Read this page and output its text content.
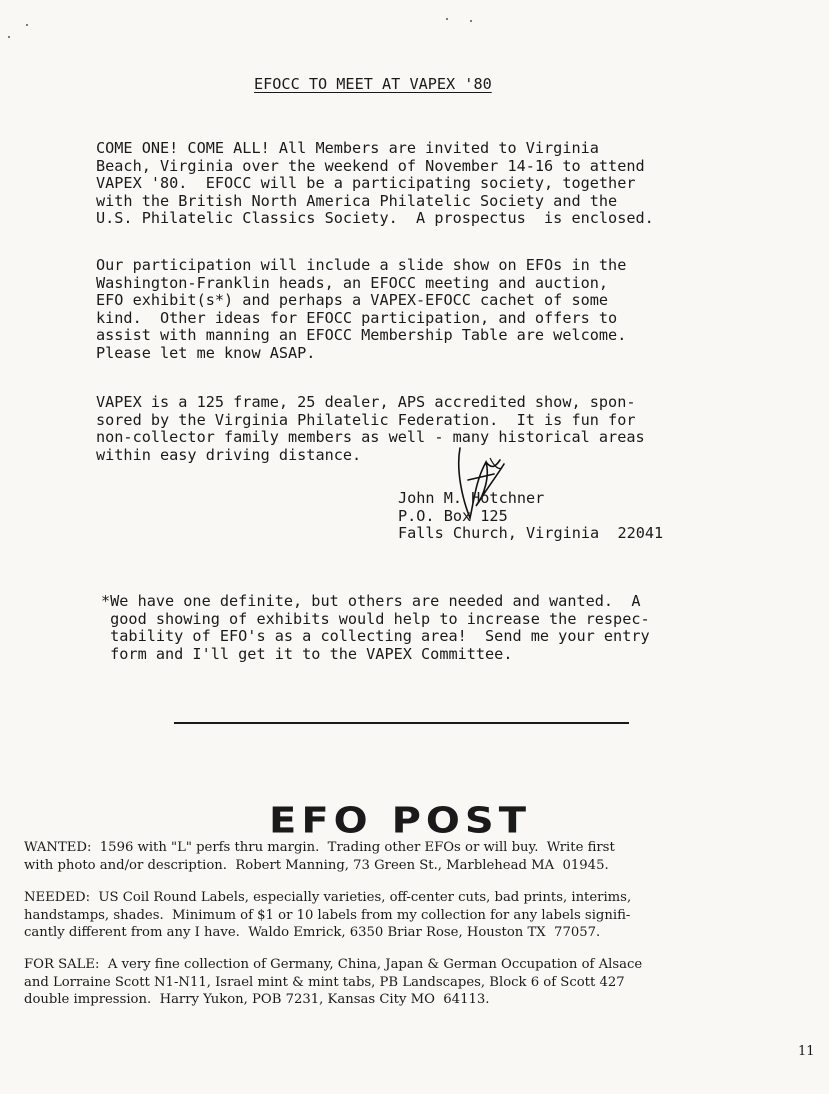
EFOCC TO MEET AT VAPEX '80

COME ONE! COME ALL! All Members are invited to Virginia
Beach, Virginia over the weekend of November 14-16 to attend
VAPEX '80.  EFOCC will be a participating society, together
with the British North America Philatelic Society and the
U.S. Philatelic Classics Society.  A prospectus  is enclosed.

Our participation will include a slide show on EFOs in the
Washington-Franklin heads, an EFOCC meeting and auction,
EFO exhibit(s*) and perhaps a VAPEX-EFOCC cachet of some
kind.  Other ideas for EFOCC participation, and offers to
assist with manning an EFOCC Membership Table are welcome.
Please let me know ASAP.

VAPEX is a 125 frame, 25 dealer, APS accredited show, spon-
sored by the Virginia Philatelic Federation.  It is fun for
non-collector family members as well - many historical areas
within easy driving distance.

John M. Hotchner
P.O. Box 125
Falls Church, Virginia  22041

*We have one definite, but others are needed and wanted.  A
good showing of exhibits would help to increase the respec-
tability of EFO's as a collecting area!  Send me your entry
form and I'll get it to the VAPEX Committee.

EFO POST

WANTED:  1596 with "L" perfs thru margin.  Trading other EFOs or will buy.  Write first
with photo and/or description.  Robert Manning, 73 Green St., Marblehead MA  01945.

NEEDED:  US Coil Round Labels, especially varieties, off-center cuts, bad prints, interims,
handstamps, shades.  Minimum of $1 or 10 labels from my collection for any labels signifi-
cantly different from any I have.  Waldo Emrick, 6350 Briar Rose, Houston TX  77057.

FOR SALE:  A very fine collection of Germany, China, Japan & German Occupation of Alsace
and Lorraine Scott N1-N11, Israel mint & mint tabs, PB Landscapes, Block 6 of Scott 427
double impression.  Harry Yukon, POB 7231, Kansas City MO  64113.

11
